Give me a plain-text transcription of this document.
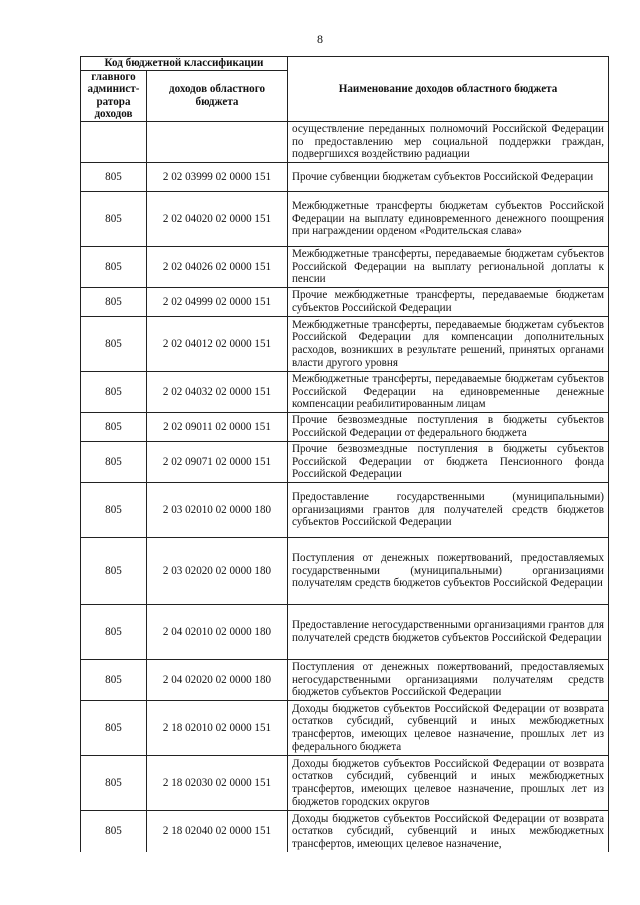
8
Код бюджетной классификации		Наименование доходов областного бюджета
главного админист-ратора доходов	доходов областного бюджета	
		осуществление переданных полномочий Российской Федерации по предоставлению мер социальной поддержки граждан, подвергшихся воздействию радиации
805	2 02 03999 02 0000 151	Прочие субвенции бюджетам субъектов Российской Федерации
805	2 02 04020 02 0000 151	Межбюджетные трансферты бюджетам субъектов Российской Федерации на выплату единовременного денежного поощрения при награждении орденом «Родительская слава»
805	2 02 04026 02 0000 151	Межбюджетные трансферты, передаваемые бюджетам субъектов Российской Федерации на выплату региональной доплаты к пенсии
805	2 02 04999 02 0000 151	Прочие межбюджетные трансферты, передаваемые бюджетам субъектов Российской Федерации
805	2 02 04012 02 0000 151	Межбюджетные трансферты, передаваемые бюджетам субъектов Российской Федерации для компенсации дополнительных расходов, возникших в результате решений, принятых органами власти другого уровня
805	2 02 04032 02 0000 151	Межбюджетные трансферты, передаваемые бюджетам субъектов Российской Федерации на единовременные денежные компенсации реабилитированным лицам
805	2 02 09011 02 0000 151	Прочие безвозмездные поступления в бюджеты субъектов Российской Федерации от федерального бюджета
805	2 02 09071 02 0000 151	Прочие безвозмездные поступления в бюджеты субъектов Российской Федерации от бюджета Пенсионного фонда Российской Федерации
805	2 03 02010 02 0000 180	Предоставление государственными (муниципальными) организациями грантов для получателей средств бюджетов субъектов Российской Федерации
805	2 03 02020 02 0000 180	Поступления от денежных пожертвований, предоставляемых государственными (муниципальными) организациями получателям средств бюджетов субъектов Российской Федерации
805	2 04 02010 02 0000 180	Предоставление негосударственными организациями грантов для получателей средств бюджетов субъектов Российской Федерации
805	2 04 02020 02 0000 180	Поступления от денежных пожертвований, предоставляемых негосударственными организациями получателям средств бюджетов субъектов Российской Федерации
805	2 18 02010 02 0000 151	Доходы бюджетов субъектов Российской Федерации от возврата остатков субсидий, субвенций и иных межбюджетных трансфертов, имеющих целевое назначение, прошлых лет из федерального бюджета
805	2 18 02030 02 0000 151	Доходы бюджетов субъектов Российской Федерации от возврата остатков субсидий, субвенций и иных межбюджетных трансфертов, имеющих целевое назначение, прошлых лет из бюджетов городских округов
805	2 18 02040 02 0000 151	Доходы бюджетов субъектов Российской Федерации от возврата остатков субсидий, субвенций и иных межбюджетных трансфертов, имеющих целевое назначение,
